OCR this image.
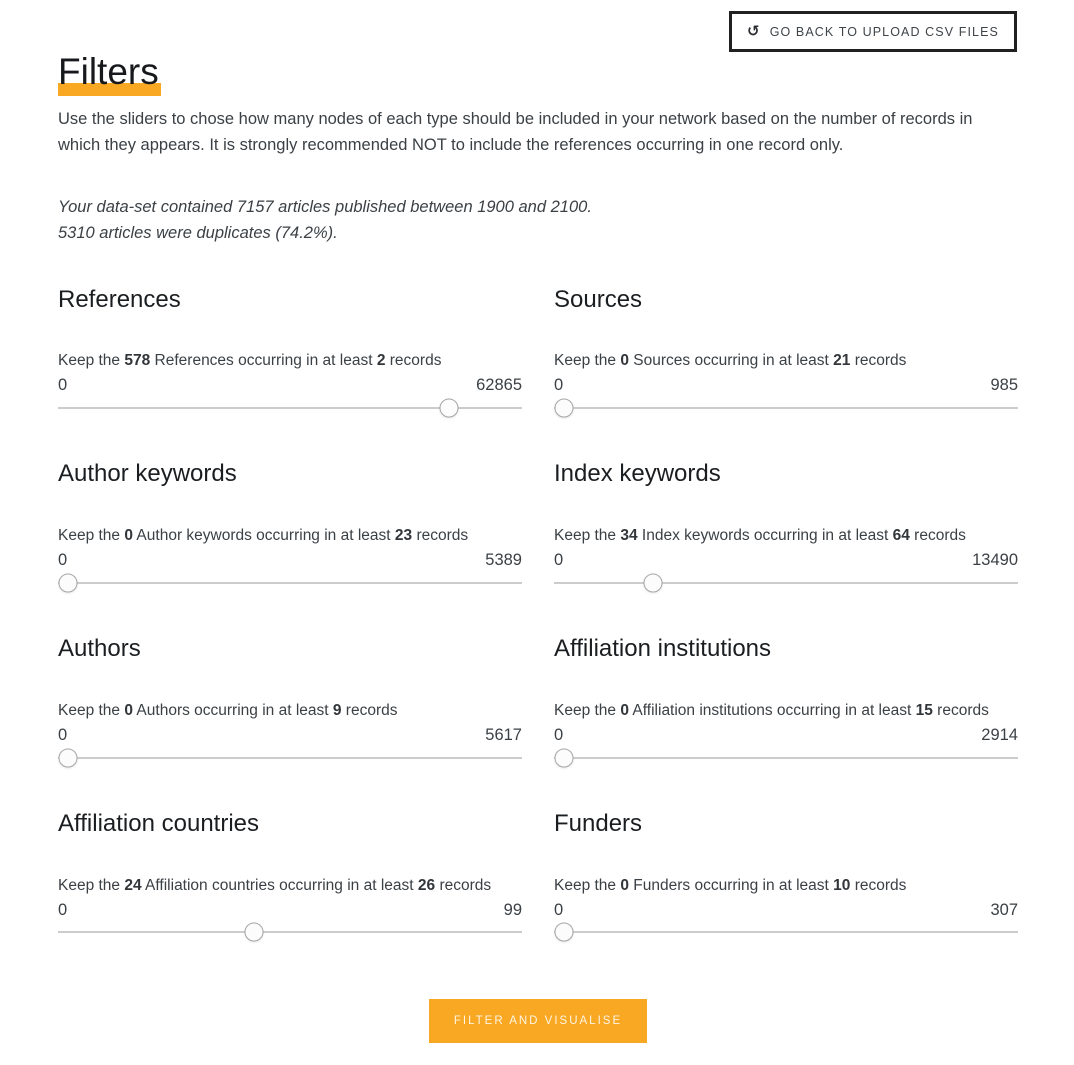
↺ GO BACK TO UPLOAD CSV FILES
Filters

Use the sliders to chose how many nodes of each type should be included in your network based on the number of records in which they appears. It is strongly recommended NOT to include the references occurring in one record only.

Your data-set contained 7157 articles published between 1900 and 2100.
5310 articles were duplicates (74.2%).

References

Keep the 578 References occurring in at least 2 records

0	62865
Sources

Keep the 0 Sources occurring in at least 21 records

0	985
Author keywords

Keep the 0 Author keywords occurring in at least 23 records

0	5389
Index keywords

Keep the 34 Index keywords occurring in at least 64 records

0	13490
Authors

Keep the 0 Authors occurring in at least 9 records

0	5617
Affiliation institutions

Keep the 0 Affiliation institutions occurring in at least 15 records

0	2914
Affiliation countries

Keep the 24 Affiliation countries occurring in at least 26 records

0	99
Funders

Keep the 0 Funders occurring in at least 10 records

0	307
FILTER AND VISUALISE
